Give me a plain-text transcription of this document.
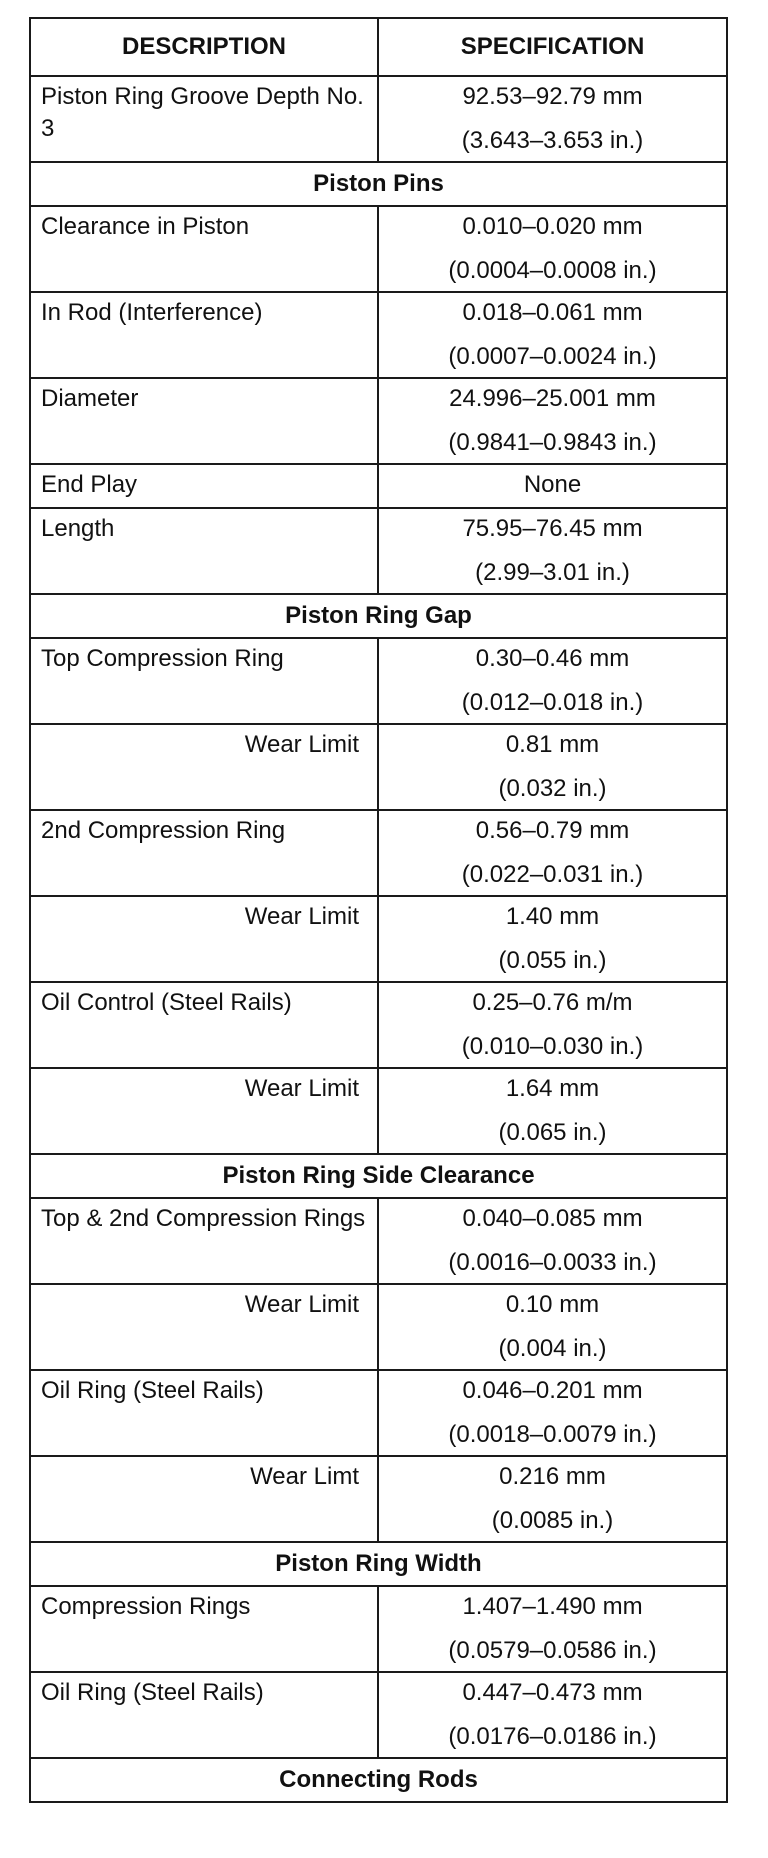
DESCRIPTION	SPECIFICATION
Piston Ring Groove Depth No. 3	92.53–92.79 mm
(3.643–3.653 in.)

Piston Pins	
Clearance in Piston	0.010–0.020 mm
(0.0004–0.0008 in.)

In Rod (Interference)	0.018–0.061 mm
(0.0007–0.0024 in.)

Diameter	24.996–25.001 mm
(0.9841–0.9843 in.)

End Play	None

Length	75.95–76.45 mm
(2.99–3.01 in.)

Piston Ring Gap	
Top Compression Ring	0.30–0.46 mm
(0.012–0.018 in.)

Wear Limit	0.81 mm
(0.032 in.)

2nd Compression Ring	0.56–0.79 mm
(0.022–0.031 in.)

Wear Limit	1.40 mm
(0.055 in.)

Oil Control (Steel Rails)	0.25–0.76 m/m
(0.010–0.030 in.)

Wear Limit	1.64 mm
(0.065 in.)

Piston Ring Side Clearance	
Top & 2nd Compression Rings	0.040–0.085 mm
(0.0016–0.0033 in.)

Wear Limit	0.10 mm
(0.004 in.)

Oil Ring (Steel Rails)	0.046–0.201 mm
(0.0018–0.0079 in.)

Wear Limt	0.216 mm
(0.0085 in.)

Piston Ring Width	
Compression Rings	1.407–1.490 mm
(0.0579–0.0586 in.)

Oil Ring (Steel Rails)	0.447–0.473 mm
(0.0176–0.0186 in.)

Connecting Rods	
